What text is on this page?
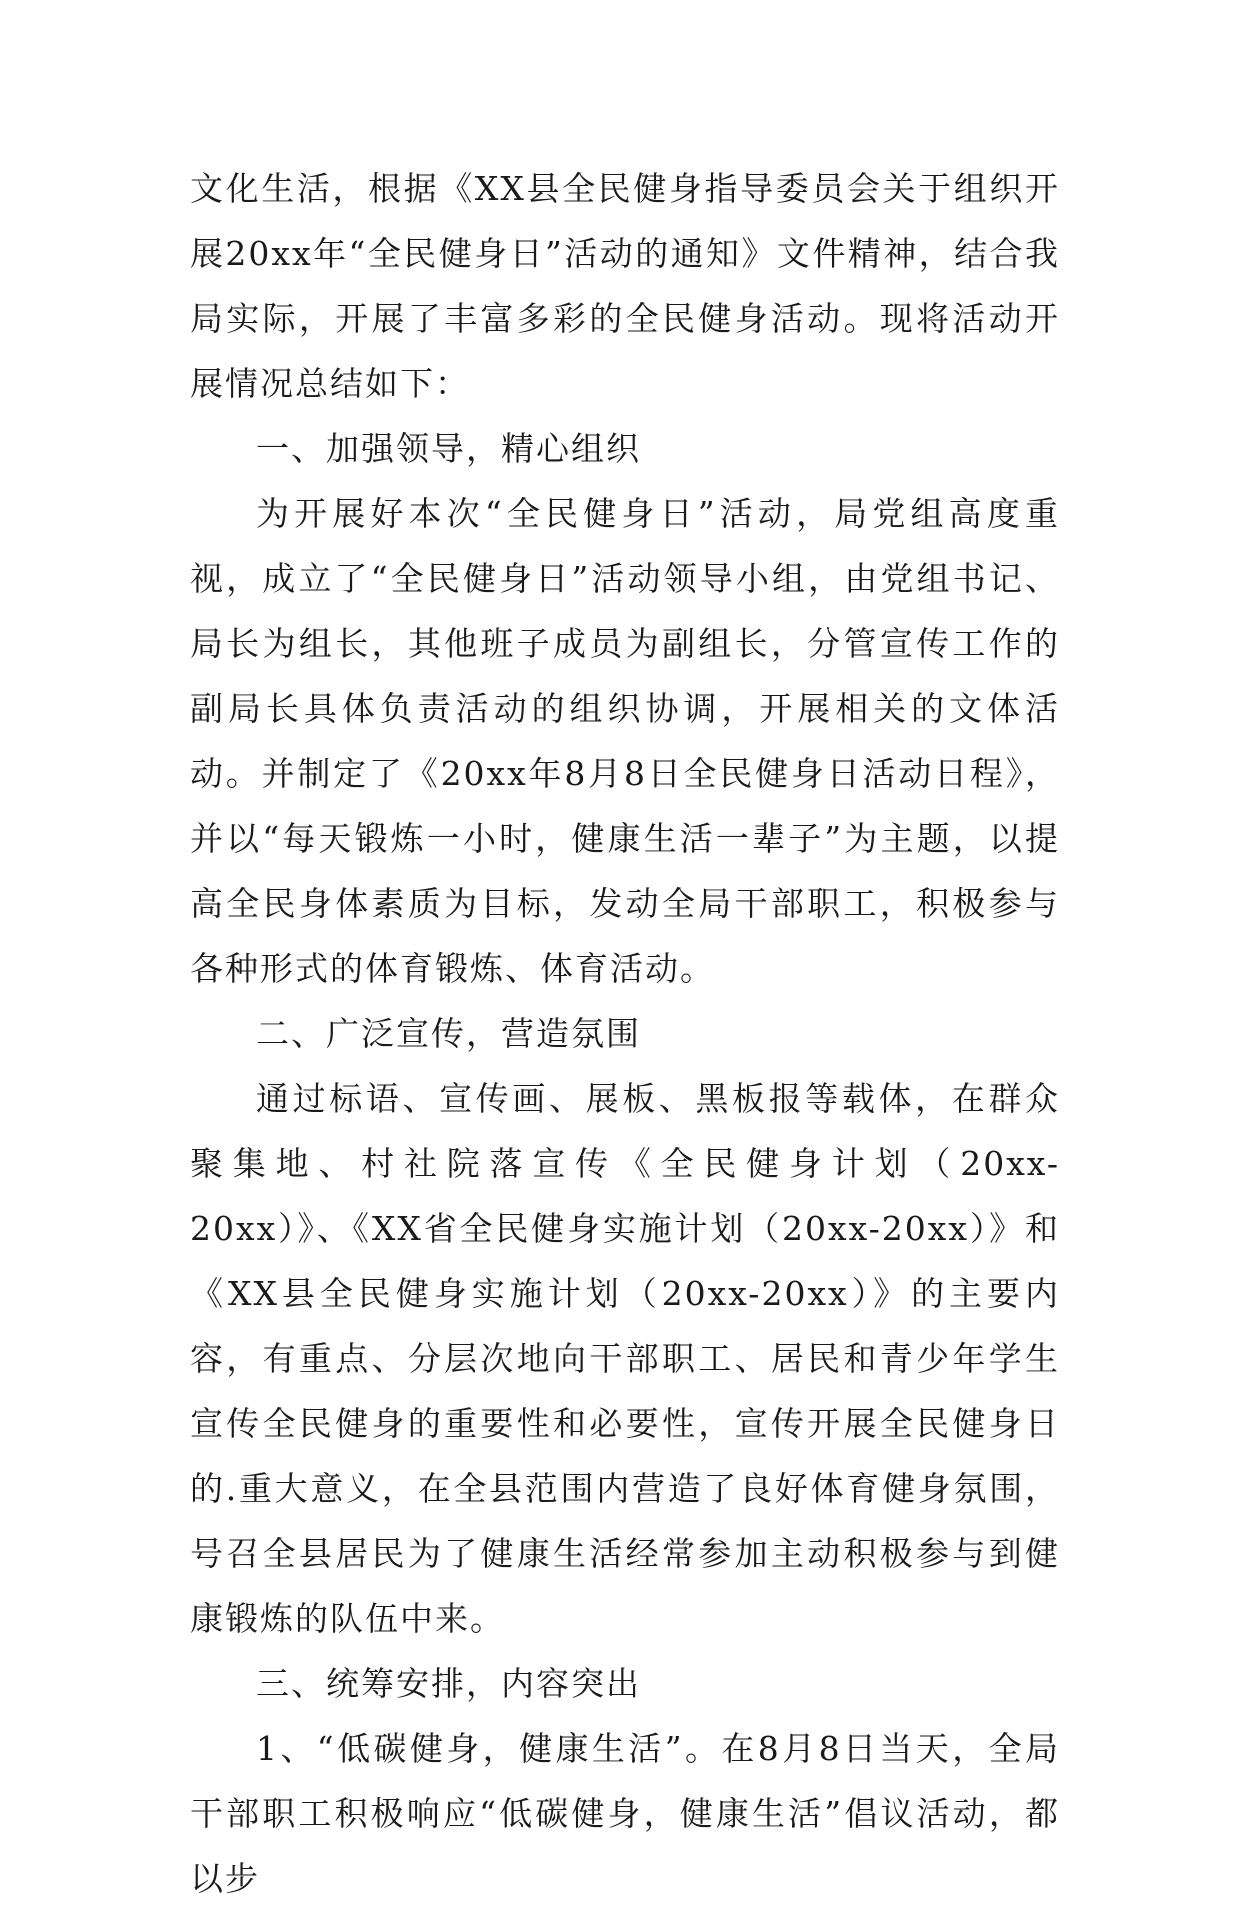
文化生活，根据《XX县全民健身指导委员会关于组织开展20xx年“全民健身日”活动的通知》文件精神，结合我局实际，开展了丰富多彩的全民健身活动。现将活动开展情况总结如下：

一、加强领导，精心组织

为开展好本次“全民健身日”活动，局党组高度重视，成立了“全民健身日”活动领导小组，由党组书记、局长为组长，其他班子成员为副组长，分管宣传工作的副局长具体负责活动的组织协调，开展相关的文体活动。并制定了《20xx年8月8日全民健身日活动日程》，并以“每天锻炼一小时，健康生活一辈子”为主题，以提高全民身体素质为目标，发动全局干部职工，积极参与各种形式的体育锻炼、体育活动。

二、广泛宣传，营造氛围

通过标语、宣传画、展板、黑板报等载体，在群众聚集地、村社院落宣传《全民健身计划（20xx-20xx）》、《XX省全民健身实施计划（20xx-20xx）》和《XX县全民健身实施计划（20xx-20xx）》的主要内容，有重点、分层次地向干部职工、居民和青少年学生宣传全民健身的重要性和必要性，宣传开展全民健身日的.重大意义，在全县范围内营造了良好体育健身氛围，号召全县居民为了健康生活经常参加主动积极参与到健康锻炼的队伍中来。

三、统筹安排，内容突出

1、“低碳健身，健康生活”。在8月8日当天，全局干部职工积极响应“低碳健身，健康生活”倡议活动，都以步
